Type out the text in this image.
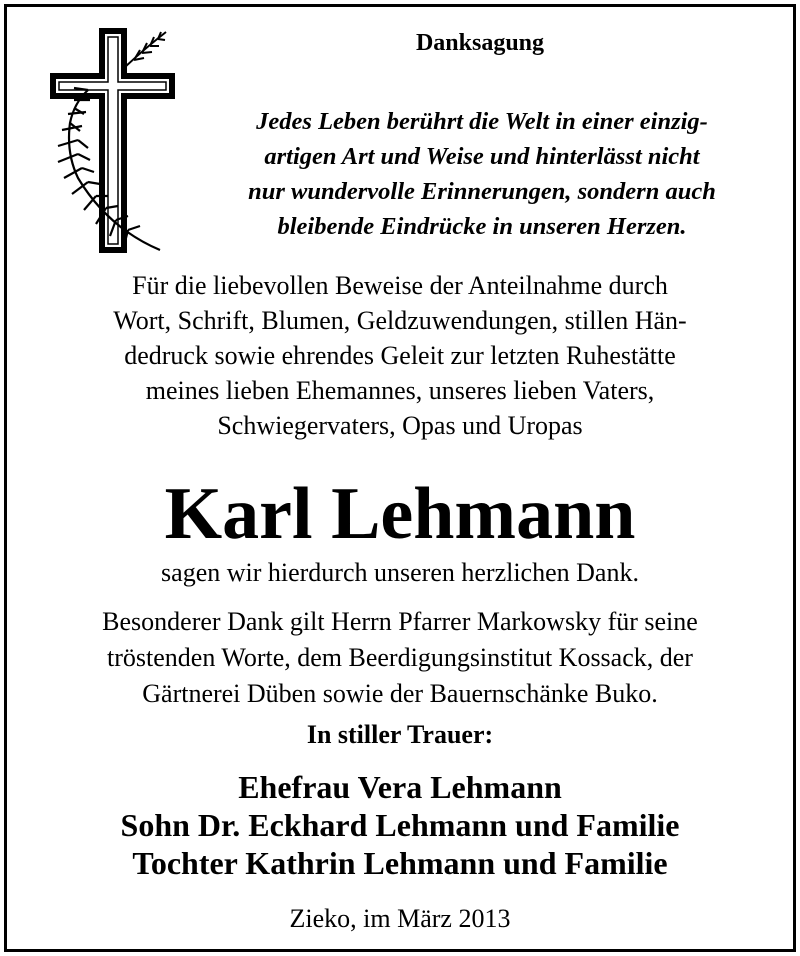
Danksagung
Jedes Leben berührt die Welt in einer einzig-
artigen Art und Weise und hinterlässt nicht
nur wundervolle Erinnerungen, sondern auch
bleibende Eindrücke in unseren Herzen.
Für die liebevollen Beweise der Anteilnahme durch
Wort, Schrift, Blumen, Geldzuwendungen, stillen Hän-
dedruck sowie ehrendes Geleit zur letzten Ruhestätte
meines lieben Ehemannes, unseres lieben Vaters,
Schwiegervaters, Opas und Uropas
Karl Lehmann
sagen wir hierdurch unseren herzlichen Dank.
Besonderer Dank gilt Herrn Pfarrer Markowsky für seine
tröstenden Worte, dem Beerdigungsinstitut Kossack, der
Gärtnerei Düben sowie der Bauernschänke Buko.
In stiller Trauer:
Ehefrau Vera Lehmann
Sohn Dr. Eckhard Lehmann und Familie
Tochter Kathrin Lehmann und Familie
Zieko, im März 2013
